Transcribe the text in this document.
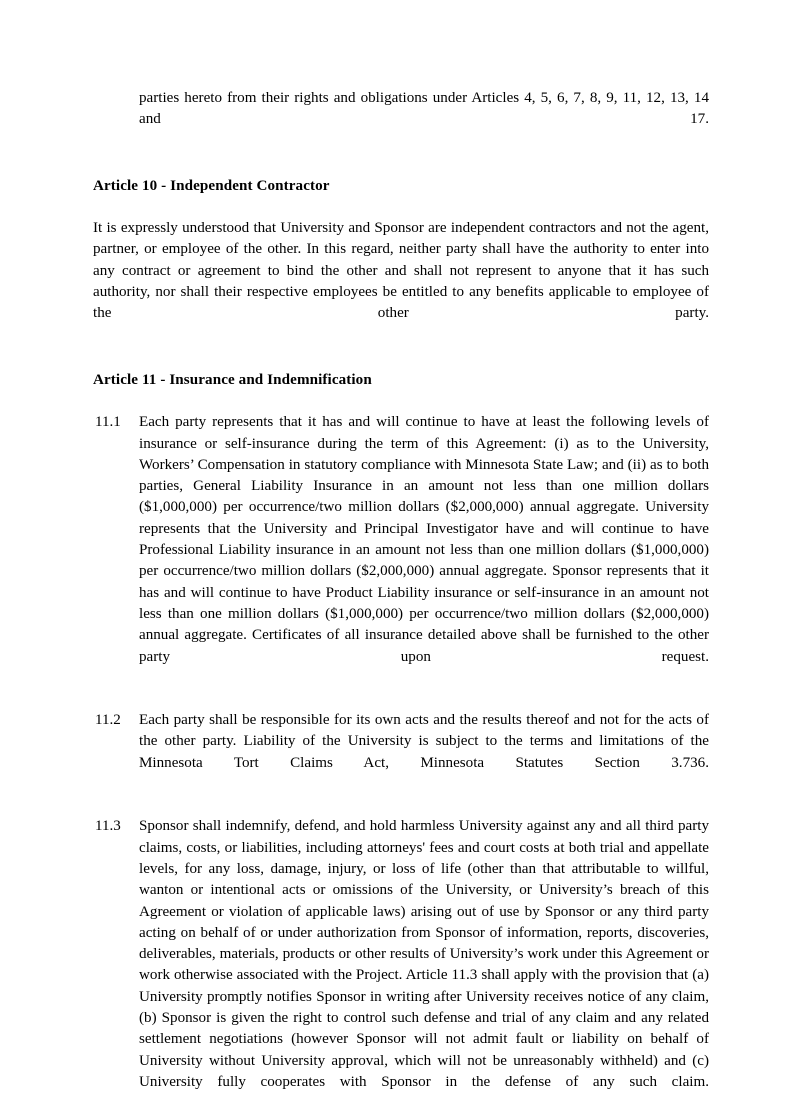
parties hereto from their rights and obligations under Articles 4, 5, 6, 7, 8, 9, 11, 12, 13, 14 and 17.
Article 10 - Independent Contractor
It is expressly understood that University and Sponsor are independent contractors and not the agent, partner, or employee of the other. In this regard, neither party shall have the authority to enter into any contract or agreement to bind the other and shall not represent to anyone that it has such authority, nor shall their respective employees be entitled to any benefits applicable to employee of the other party.
Article 11 - Insurance and Indemnification
11.1	Each party represents that it has and will continue to have at least the following levels of insurance or self-insurance during the term of this Agreement: (i) as to the University, Workers’ Compensation in statutory compliance with Minnesota State Law; and (ii) as to both parties, General Liability Insurance in an amount not less than one million dollars ($1,000,000) per occurrence/two million dollars ($2,000,000) annual aggregate. University represents that the University and Principal Investigator have and will continue to have Professional Liability insurance in an amount not less than one million dollars ($1,000,000) per occurrence/two million dollars ($2,000,000) annual aggregate. Sponsor represents that it has and will continue to have Product Liability insurance or self-insurance in an amount not less than one million dollars ($1,000,000) per occurrence/two million dollars ($2,000,000) annual aggregate. Certificates of all insurance detailed above shall be furnished to the other party upon request.
11.2	Each party shall be responsible for its own acts and the results thereof and not for the acts of the other party. Liability of the University is subject to the terms and limitations of the Minnesota Tort Claims Act, Minnesota Statutes Section 3.736.
11.3	Sponsor shall indemnify, defend, and hold harmless University against any and all third party claims, costs, or liabilities, including attorneys' fees and court costs at both trial and appellate levels, for any loss, damage, injury, or loss of life (other than that attributable to willful, wanton or intentional acts or omissions of the University, or University’s breach of this Agreement or violation of applicable laws) arising out of use by Sponsor or any third party acting on behalf of or under authorization from Sponsor of information, reports, discoveries, deliverables, materials, products or other results of University’s work under this Agreement or work otherwise associated with the Project. Article 11.3 shall apply with the provision that (a) University promptly notifies Sponsor in writing after University receives notice of any claim, (b) Sponsor is given the right to control such defense and trial of any claim and any related settlement negotiations (however Sponsor will not admit fault or liability on behalf of University without University approval, which will not be unreasonably withheld) and (c) University fully cooperates with Sponsor in the defense of any such claim.
